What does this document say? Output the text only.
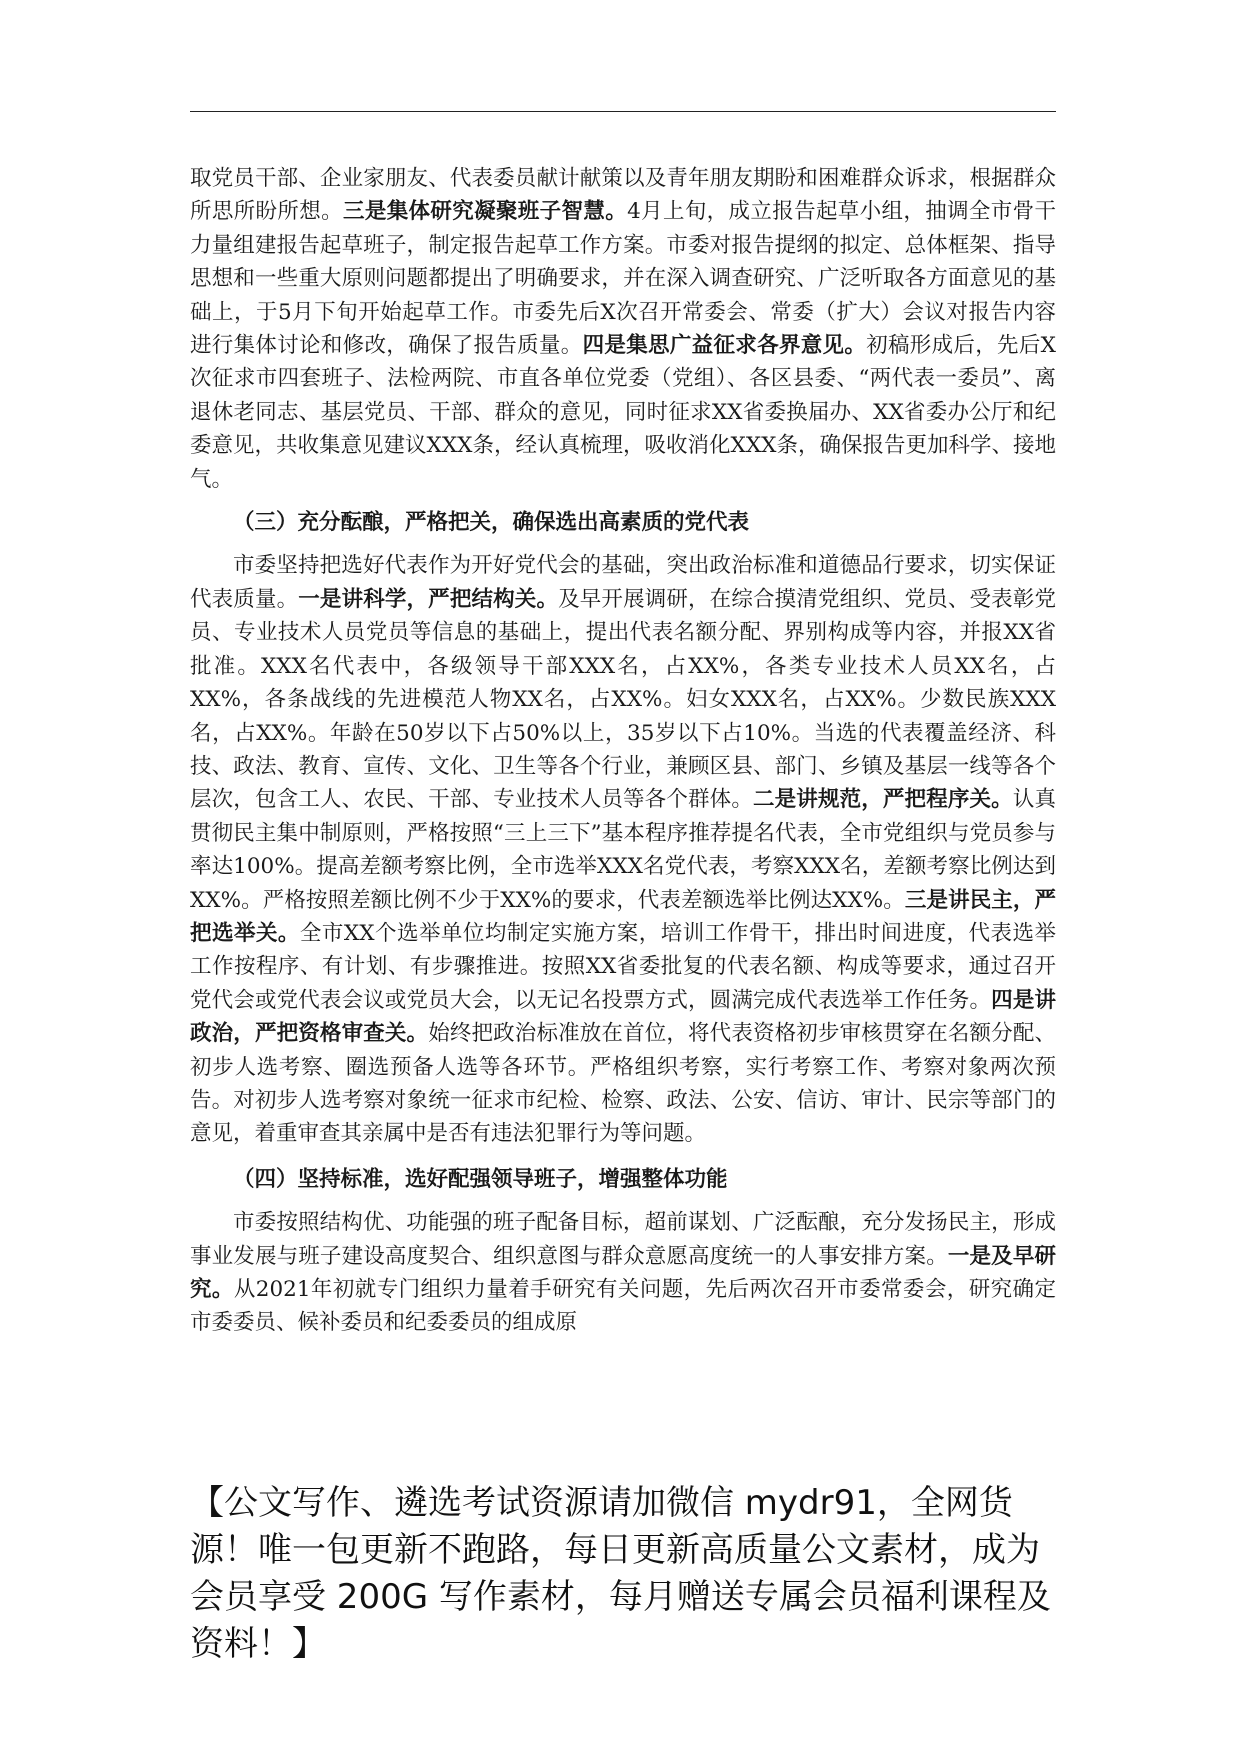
取党员干部、企业家朋友、代表委员献计献策以及青年朋友期盼和困难群众诉求，根据群众所思所盼所想。三是集体研究凝聚班子智慧。4月上旬，成立报告起草小组，抽调全市骨干力量组建报告起草班子，制定报告起草工作方案。市委对报告提纲的拟定、总体框架、指导思想和一些重大原则问题都提出了明确要求，并在深入调查研究、广泛听取各方面意见的基础上，于5月下旬开始起草工作。市委先后X次召开常委会、常委（扩大）会议对报告内容进行集体讨论和修改，确保了报告质量。四是集思广益征求各界意见。初稿形成后，先后X次征求市四套班子、法检两院、市直各单位党委（党组）、各区县委、“两代表一委员”、离退休老同志、基层党员、干部、群众的意见，同时征求XX省委换届办、XX省委办公厅和纪委意见，共收集意见建议XXX条，经认真梳理，吸收消化XXX条，确保报告更加科学、接地气。

（三）充分酝酿，严格把关，确保选出高素质的党代表

市委坚持把选好代表作为开好党代会的基础，突出政治标准和道德品行要求，切实保证代表质量。一是讲科学，严把结构关。及早开展调研，在综合摸清党组织、党员、受表彰党员、专业技术人员党员等信息的基础上，提出代表名额分配、界别构成等内容，并报XX省批准。XXX名代表中，各级领导干部XXX名，占XX%，各类专业技术人员XX名，占XX%，各条战线的先进模范人物XX名，占XX%。妇女XXX名，占XX%。少数民族XXX名，占XX%。年龄在50岁以下占50%以上，35岁以下占10%。当选的代表覆盖经济、科技、政法、教育、宣传、文化、卫生等各个行业，兼顾区县、部门、乡镇及基层一线等各个层次，包含工人、农民、干部、专业技术人员等各个群体。二是讲规范，严把程序关。认真贯彻民主集中制原则，严格按照“三上三下”基本程序推荐提名代表，全市党组织与党员参与率达100%。提高差额考察比例，全市选举XXX名党代表，考察XXX名，差额考察比例达到XX%。严格按照差额比例不少于XX%的要求，代表差额选举比例达XX%。三是讲民主，严把选举关。全市XX个选举单位均制定实施方案，培训工作骨干，排出时间进度，代表选举工作按程序、有计划、有步骤推进。按照XX省委批复的代表名额、构成等要求，通过召开党代会或党代表会议或党员大会，以无记名投票方式，圆满完成代表选举工作任务。四是讲政治，严把资格审查关。始终把政治标准放在首位，将代表资格初步审核贯穿在名额分配、初步人选考察、圈选预备人选等各环节。严格组织考察，实行考察工作、考察对象两次预告。对初步人选考察对象统一征求市纪检、检察、政法、公安、信访、审计、民宗等部门的意见，着重审查其亲属中是否有违法犯罪行为等问题。

（四）坚持标准，选好配强领导班子，增强整体功能

市委按照结构优、功能强的班子配备目标，超前谋划、广泛酝酿，充分发扬民主，形成事业发展与班子建设高度契合、组织意图与群众意愿高度统一的人事安排方案。一是及早研究。从2021年初就专门组织力量着手研究有关问题，先后两次召开市委常委会，研究确定市委委员、候补委员和纪委委员的组成原

【公文写作、遴选考试资源请加微信 mydr91，全网货源！唯一包更新不跑路，每日更新高质量公文素材，成为会员享受 200G 写作素材，每月赠送专属会员福利课程及资料！】
